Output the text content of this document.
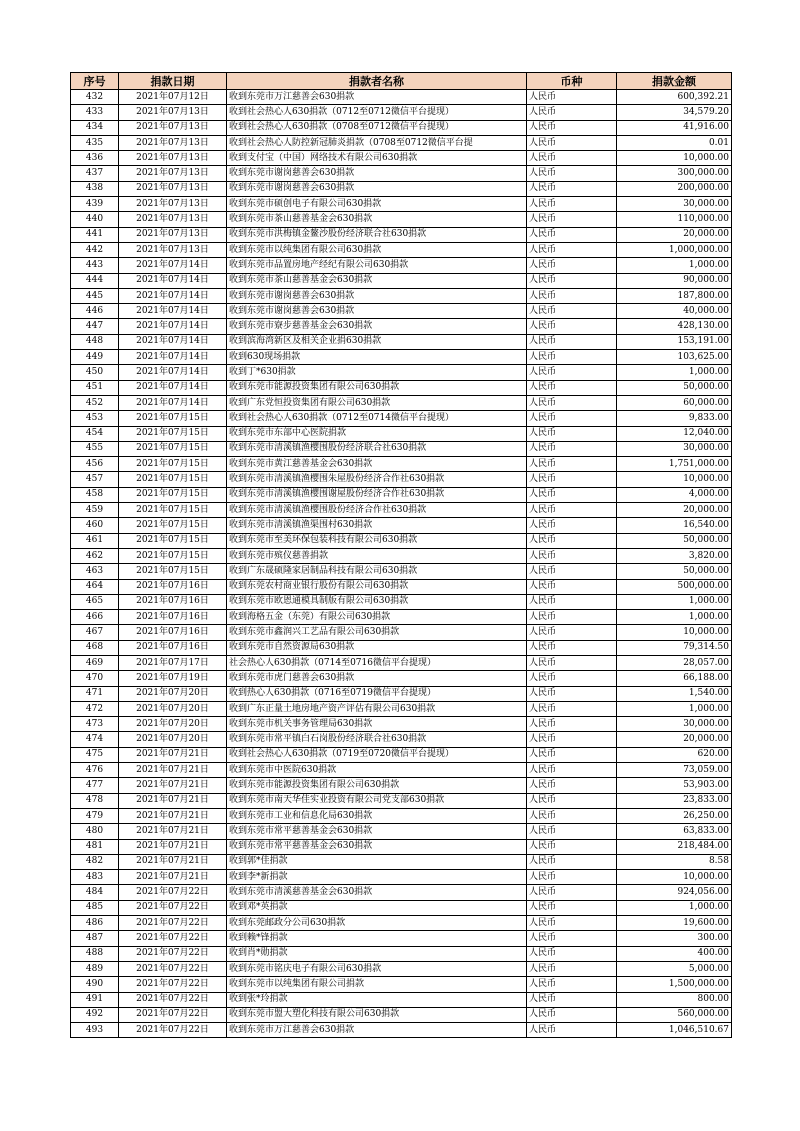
序号	捐款日期	捐款者名称	币种	捐款金额
432	2021年07月12日	收到东莞市万江慈善会630捐款	人民币	600,392.21
433	2021年07月13日	收到社会热心人630捐款（0712至0712微信平台提现）	人民币	34,579.20
434	2021年07月13日	收到社会热心人630捐款（0708至0712微信平台提现）	人民币	41,916.00
435	2021年07月13日	收到社会热心人防控新冠肺炎捐款（0708至0712微信平台提	人民币	0.01
436	2021年07月13日	收到支付宝（中国）网络技术有限公司630捐款	人民币	10,000.00
437	2021年07月13日	收到东莞市谢岗慈善会630捐款	人民币	300,000.00
438	2021年07月13日	收到东莞市谢岗慈善会630捐款	人民币	200,000.00
439	2021年07月13日	收到东莞市硕创电子有限公司630捐款	人民币	30,000.00
440	2021年07月13日	收到东莞市茶山慈善基金会630捐款	人民币	110,000.00
441	2021年07月13日	收到东莞市洪梅镇金鳌沙股份经济联合社630捐款	人民币	20,000.00
442	2021年07月13日	收到东莞市以纯集团有限公司630捐款	人民币	1,000,000.00
443	2021年07月14日	收到东莞市品置房地产经纪有限公司630捐款	人民币	1,000.00
444	2021年07月14日	收到东莞市茶山慈善基金会630捐款	人民币	90,000.00
445	2021年07月14日	收到东莞市谢岗慈善会630捐款	人民币	187,800.00
446	2021年07月14日	收到东莞市谢岗慈善会630捐款	人民币	40,000.00
447	2021年07月14日	收到东莞市寮步慈善基金会630捐款	人民币	428,130.00
448	2021年07月14日	收到滨海湾新区及相关企业捐630捐款	人民币	153,191.00
449	2021年07月14日	收到630现场捐款	人民币	103,625.00
450	2021年07月14日	收到丁*630捐款	人民币	1,000.00
451	2021年07月14日	收到东莞市能源投资集团有限公司630捐款	人民币	50,000.00
452	2021年07月14日	收到广东党恒投资集团有限公司630捐款	人民币	60,000.00
453	2021年07月15日	收到社会热心人630捐款（0712至0714微信平台提现）	人民币	9,833.00
454	2021年07月15日	收到东莞市东部中心医院捐款	人民币	12,040.00
455	2021年07月15日	收到东莞市清溪镇渔樱围股份经济联合社630捐款	人民币	30,000.00
456	2021年07月15日	收到东莞市黄江慈善基金会630捐款	人民币	1,751,000.00
457	2021年07月15日	收到东莞市清溪镇渔樱围朱屋股份经济合作社630捐款	人民币	10,000.00
458	2021年07月15日	收到东莞市清溪镇渔樱围谢屋股份经济合作社630捐款	人民币	4,000.00
459	2021年07月15日	收到东莞市清溪镇渔樱围股份经济合作社630捐款	人民币	20,000.00
460	2021年07月15日	收到东莞市清溪镇渔渠围村630捐款	人民币	16,540.00
461	2021年07月15日	收到东莞市至美环保包装科技有限公司630捐款	人民币	50,000.00
462	2021年07月15日	收到东莞市殡仪慈善捐款	人民币	3,820.00
463	2021年07月15日	收到广东晟硕隆家居制品科技有限公司630捐款	人民币	50,000.00
464	2021年07月16日	收到东莞农村商业银行股份有限公司630捐款	人民币	500,000.00
465	2021年07月16日	收到东莞市欧恩通模具制版有限公司630捐款	人民币	1,000.00
466	2021年07月16日	收到海格五金（东莞）有限公司630捐款	人民币	1,000.00
467	2021年07月16日	收到东莞市鑫润兴工艺品有限公司630捐款	人民币	10,000.00
468	2021年07月16日	收到东莞市自然资源局630捐款	人民币	79,314.50
469	2021年07月17日	社会热心人630捐款（0714至0716微信平台提现）	人民币	28,057.00
470	2021年07月19日	收到东莞市虎门慈善会630捐款	人民币	66,188.00
471	2021年07月20日	收到热心人630捐款（0716至0719微信平台提现）	人民币	1,540.00
472	2021年07月20日	收到广东正量土地房地产资产评估有限公司630捐款	人民币	1,000.00
473	2021年07月20日	收到东莞市机关事务管理局630捐款	人民币	30,000.00
474	2021年07月20日	收到东莞市常平镇白石岗股份经济联合社630捐款	人民币	20,000.00
475	2021年07月21日	收到社会热心人630捐款（0719至0720微信平台提现）	人民币	620.00
476	2021年07月21日	收到东莞市中医院630捐款	人民币	73,059.00
477	2021年07月21日	收到东莞市能源投资集团有限公司630捐款	人民币	53,903.00
478	2021年07月21日	收到东莞市南天华佳实业投资有限公司党支部630捐款	人民币	23,833.00
479	2021年07月21日	收到东莞市工业和信息化局630捐款	人民币	26,250.00
480	2021年07月21日	收到东莞市常平慈善基金会630捐款	人民币	63,833.00
481	2021年07月21日	收到东莞市常平慈善基金会630捐款	人民币	218,484.00
482	2021年07月21日	收到郭*佳捐款	人民币	8.58
483	2021年07月21日	收到李*新捐款	人民币	10,000.00
484	2021年07月22日	收到东莞市清溪慈善基金会630捐款	人民币	924,056.00
485	2021年07月22日	收到邓*英捐款	人民币	1,000.00
486	2021年07月22日	收到东莞邮政分公司630捐款	人民币	19,600.00
487	2021年07月22日	收到赖*锋捐款	人民币	300.00
488	2021年07月22日	收到肖*勋捐款	人民币	400.00
489	2021年07月22日	收到东莞市铭庆电子有限公司630捐款	人民币	5,000.00
490	2021年07月22日	收到东莞市以纯集团有限公司捐款	人民币	1,500,000.00
491	2021年07月22日	收到张*玲捐款	人民币	800.00
492	2021年07月22日	收到东莞市盟大塑化科技有限公司630捐款	人民币	560,000.00
493	2021年07月22日	收到东莞市万江慈善会630捐款	人民币	1,046,510.67
